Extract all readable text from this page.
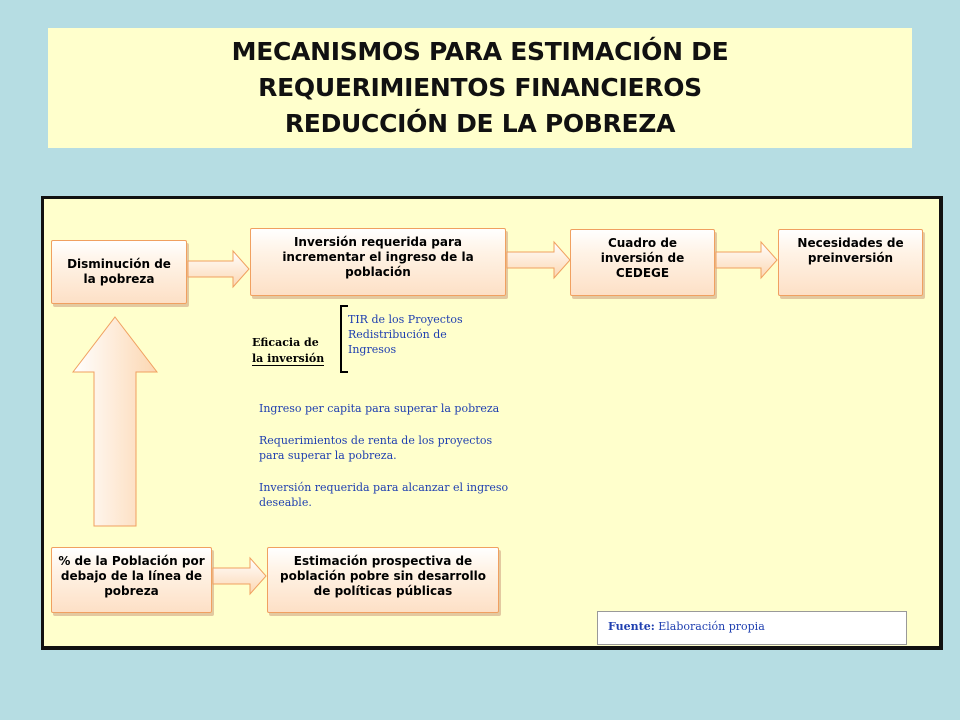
MECANISMOS PARA ESTIMACIÓN DE
REQUERIMIENTOS FINANCIEROS
REDUCCIÓN DE LA POBREZA
Disminución de la pobreza
Inversión requerida para incrementar el ingreso de la población
Cuadro de inversión de CEDEGE
Necesidades de preinversión
% de la Población por debajo de la línea de pobreza
Estimación prospectiva de población pobre sin desarrollo de políticas públicas
Eficacia de
la inversión
TIR de los Proyectos
Redistribución de
Ingresos
Ingreso per capita para superar la pobreza
Requerimientos de renta de los proyectos
para superar la pobreza.
Inversión requerida para alcanzar el ingreso
deseable.
Fuente: Elaboración propia
